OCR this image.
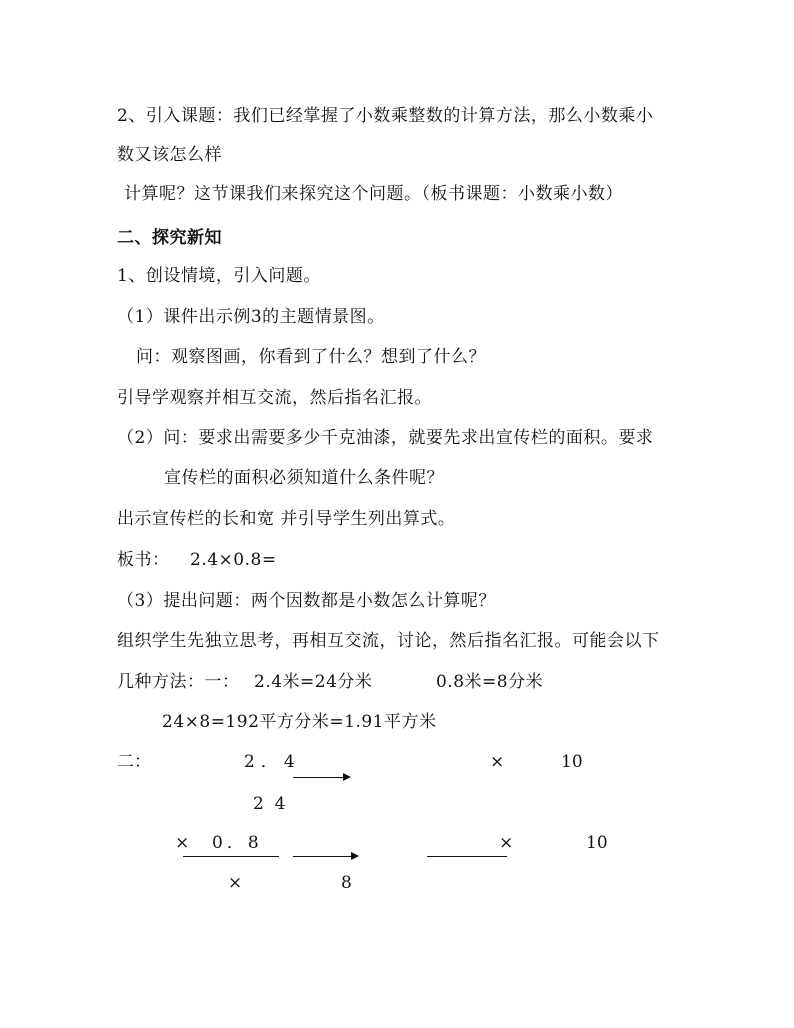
2、引入课题：我们已经掌握了小数乘整数的计算方法，那么小数乘小
数又该怎么样
计算呢？这节课我们来探究这个问题。（板书课题：小数乘小数）
二、探究新知
1、创设情境，引入问题。
（1）课件出示例3的主题情景图。
问：观察图画，你看到了什么？想到了什么？
引导学观察并相互交流，然后指名汇报。
（2）问：要求出需要多少千克油漆，就要先求出宣传栏的面积。要求
宣传栏的面积必须知道什么条件呢？
出示宣传栏的长和宽 并引导学生列出算式。
板书： 2.4×0.8=
（3）提出问题：两个因数都是小数怎么计算呢？
组织学生先独立思考，再相互交流，讨论，然后指名汇报。可能会以下
几种方法：一： 2.4米=24分米	0.8米=8分米
24×8=192平方分米=1.91平方米
二：	2．4	×	10
2  4
×  0．8	×	10
×	8
